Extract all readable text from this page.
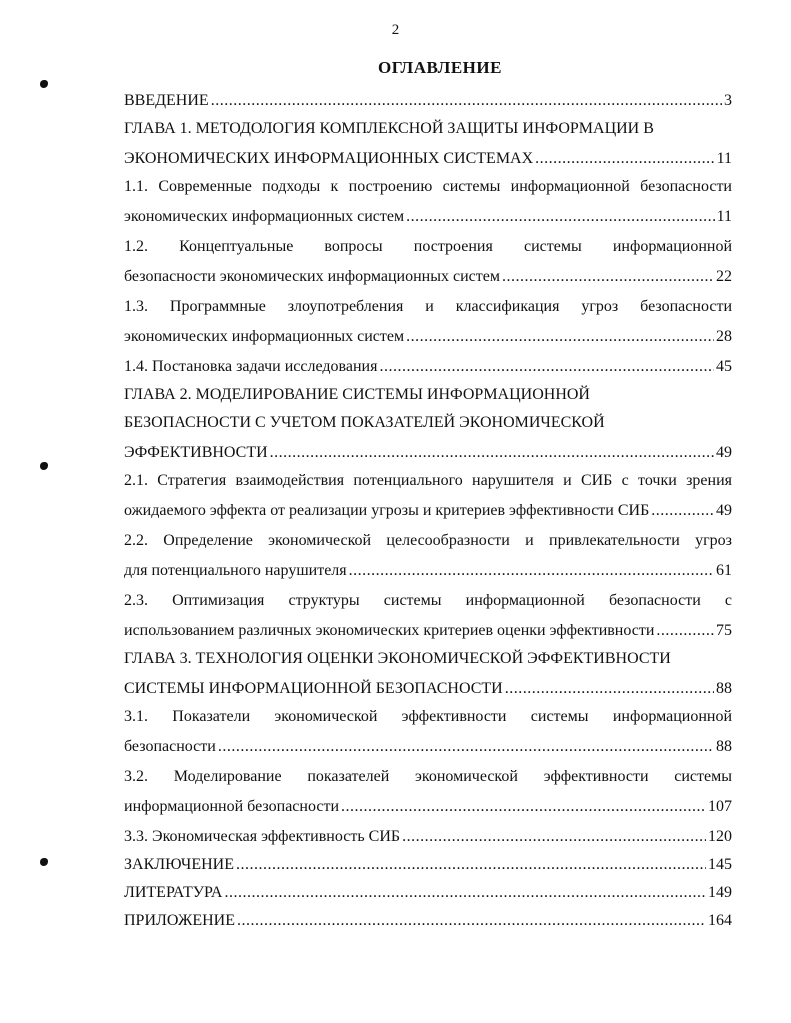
2
ОГЛАВЛЕНИЕ
ВВЕДЕНИЕ .....	3
ГЛАВА 1. МЕТОДОЛОГИЯ КОМПЛЕКСНОЙ ЗАЩИТЫ ИНФОРМАЦИИ В
ЭКОНОМИЧЕСКИХ ИНФОРМАЦИОННЫХ СИСТЕМАХ .....	11
1.1. Современные подходы к построению системы информационной безопасности
экономических информационных систем .....	11
1.2. Концептуальные вопросы построения системы информационной
безопасности экономических информационных систем .....	22
1.3. Программные злоупотребления и классификация угроз безопасности
экономических информационных систем .....	28
1.4. Постановка задачи исследования .....	45
ГЛАВА 2. МОДЕЛИРОВАНИЕ СИСТЕМЫ ИНФОРМАЦИОННОЙ
БЕЗОПАСНОСТИ С УЧЕТОМ ПОКАЗАТЕЛЕЙ ЭКОНОМИЧЕСКОЙ
ЭФФЕКТИВНОСТИ .....	49
2.1. Стратегия взаимодействия потенциального нарушителя и СИБ с точки зрения
ожидаемого эффекта от реализации угрозы и критериев эффективности СИБ .....	49
2.2. Определение экономической целесообразности и привлекательности угроз
для потенциального нарушителя .....	61
2.3. Оптимизация структуры системы информационной безопасности с
использованием различных экономических критериев оценки эффективности .....	75
ГЛАВА 3. ТЕХНОЛОГИЯ ОЦЕНКИ ЭКОНОМИЧЕСКОЙ ЭФФЕКТИВНОСТИ
СИСТЕМЫ ИНФОРМАЦИОННОЙ БЕЗОПАСНОСТИ .....	88
3.1. Показатели экономической эффективности системы информационной
безопасности .....	88
3.2. Моделирование показателей экономической эффективности системы
информационной безопасности .....	107
3.3. Экономическая эффективность СИБ .....	120
ЗАКЛЮЧЕНИЕ .....	145
ЛИТЕРАТУРА .....	149
ПРИЛОЖЕНИЕ .....	164
